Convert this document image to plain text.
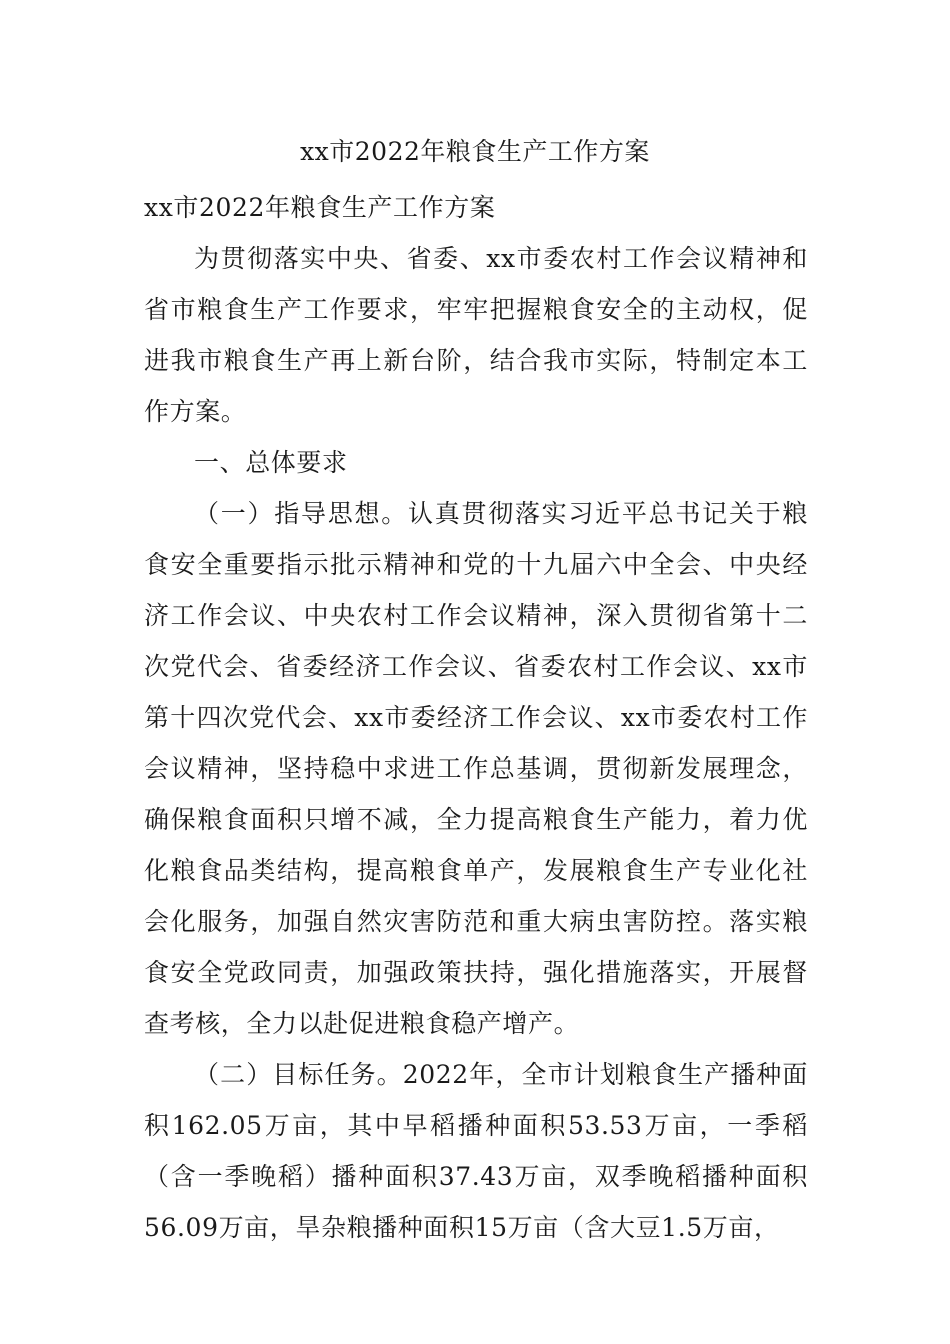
xx市2022年粮食生产工作方案

xx市2022年粮食生产工作方案

为贯彻落实中央、省委、xx市委农村工作会议精神和省市粮食生产工作要求，牢牢把握粮食安全的主动权，促进我市粮食生产再上新台阶，结合我市实际，特制定本工作方案。

一、总体要求

（一）指导思想。认真贯彻落实习近平总书记关于粮食安全重要指示批示精神和党的十九届六中全会、中央经济工作会议、中央农村工作会议精神，深入贯彻省第十二次党代会、省委经济工作会议、省委农村工作会议、xx市第十四次党代会、xx市委经济工作会议、xx市委农村工作会议精神，坚持稳中求进工作总基调，贯彻新发展理念，确保粮食面积只增不减，全力提高粮食生产能力，着力优化粮食品类结构，提高粮食单产，发展粮食生产专业化社会化服务，加强自然灾害防范和重大病虫害防控。落实粮食安全党政同责，加强政策扶持，强化措施落实，开展督查考核，全力以赴促进粮食稳产增产。

（二）目标任务。2022年，全市计划粮食生产播种面积162.05万亩，其中早稻播种面积53.53万亩，一季稻（含一季晚稻）播种面积37.43万亩，双季晚稻播种面积56.09万亩，旱杂粮播种面积15万亩（含大豆1.5万亩，
